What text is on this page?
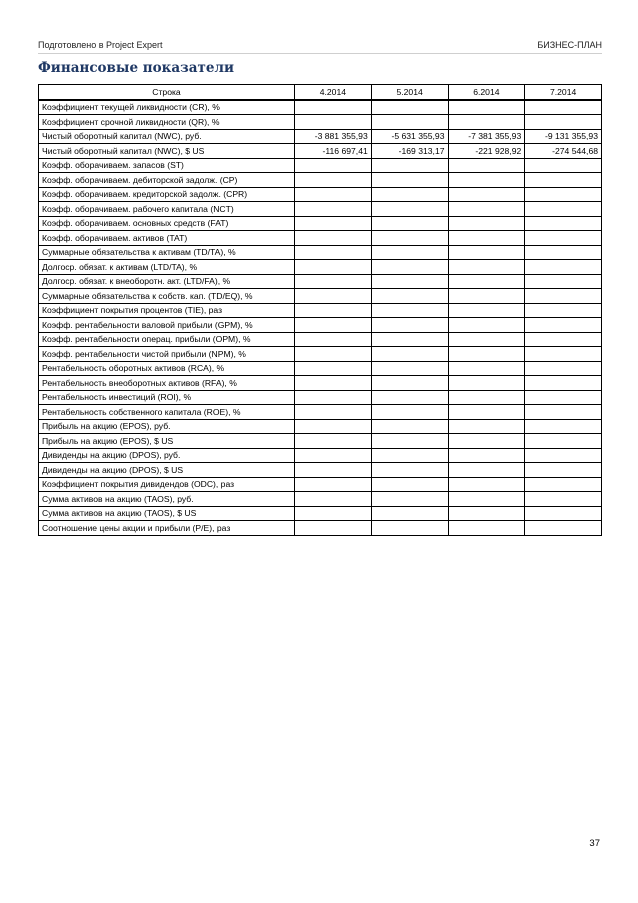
Подготовлено в Project Expert	БИЗНЕС-ПЛАН
Финансовые показатели
Строка	4.2014	5.2014	6.2014	7.2014
Коэффициент текущей ликвидности (CR), %				
Коэффициент срочной ликвидности (QR), %				
Чистый оборотный капитал (NWC), руб.	-3 881 355,93	-5 631 355,93	-7 381 355,93	-9 131 355,93
Чистый оборотный капитал (NWC), $ US	-116 697,41	-169 313,17	-221 928,92	-274 544,68
Коэфф. оборачиваем. запасов (ST)				
Коэфф. оборачиваем. дебиторской задолж. (CP)				
Коэфф. оборачиваем. кредиторской задолж. (CPR)				
Коэфф. оборачиваем. рабочего капитала (NCT)				
Коэфф. оборачиваем. основных средств (FAT)				
Коэфф. оборачиваем. активов (TAT)				
Суммарные обязательства к активам (TD/TA), %				
Долгоср. обязат. к активам (LTD/TA), %				
Долгоср. обязат. к внеоборотн. акт. (LTD/FA), %				
Суммарные обязательства к собств. кап. (TD/EQ), %				
Коэффициент покрытия процентов (TIE), раз				
Коэфф. рентабельности валовой прибыли (GPM), %				
Коэфф. рентабельности операц. прибыли (OPM), %				
Коэфф. рентабельности чистой прибыли (NPM), %				
Рентабельность оборотных активов (RCA), %				
Рентабельность внеоборотных активов (RFA), %				
Рентабельность инвестиций (ROI), %				
Рентабельность собственного капитала (ROE), %				
Прибыль на акцию (EPOS), руб.				
Прибыль на акцию (EPOS), $ US				
Дивиденды на акцию (DPOS), руб.				
Дивиденды на акцию (DPOS), $ US				
Коэффициент покрытия дивидендов (ODC), раз				
Сумма активов на акцию (TAOS), руб.				
Сумма активов на акцию (TAOS), $ US				
Соотношение цены акции и прибыли (P/E), раз				
37
